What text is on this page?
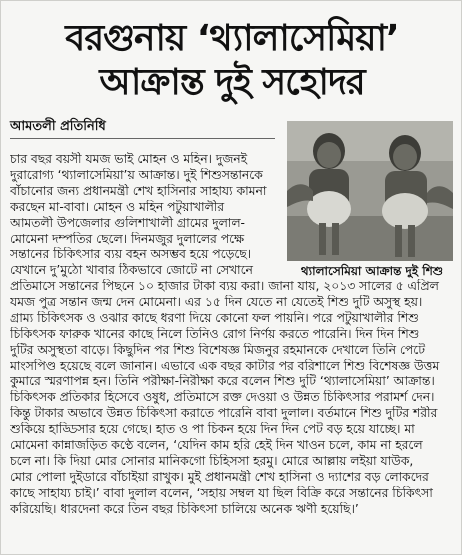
বরগুনায় ‘থ্যালাসেমিয়া’
আক্রান্ত দুই সহোদর
আমতলী প্রতিনিধি
থ্যালাসেমিয়া আক্রান্ত দুই শিশু
চার বছর বয়সী যমজ ভাই মোহন ও মহিন। দুজনই
দুরারোগ্য ‘থ্যালাসেমিয়া’য় আক্রান্ত। দুই শিশুসন্তানকে
বাঁচানোর জন্য প্রধানমন্ত্রী শেখ হাসিনার সাহায্য কামনা
করছেন মা-বাবা। মোহন ও মহিন পটুয়াখালীর
আমতলী উপজেলার গুলিশাখালী গ্রামের দুলাল-
মোমেনা দম্পতির ছেলে। দিনমজুর দুলালের পক্ষে
সন্তানের চিকিৎসার ব্যয় বহন অসম্ভব হয়ে পড়েছে।
যেখানে দু’মুঠো খাবার ঠিকভাবে জোটে না সেখানে
প্রতিমাসে সন্তানের পিছনে ১০ হাজার টাকা ব্যয় করা। জানা যায়, ২০১৩ সালের ৫ এপ্রিল
যমজ পুত্র সন্তান জন্ম দেন মোমেনা। এর ১৫ দিন যেতে না যেতেই শিশু দুটি অসুস্থ হয়।
গ্রাম্য চিকিৎসক ও ওঝার কাছে ধরণা দিয়ে কোনো ফল পায়নি। পরে পটুয়াখালীর শিশু
চিকিৎসক ফারুক খানের কাছে নিলে তিনিও রোগ নির্ণয় করতে পারেনি। দিন দিন শিশু
দুটির অসুস্থতা বাড়ে। কিছুদিন পর শিশু বিশেষজ্ঞ মিজনুর রহমানকে দেখালে তিনি পেটে
মাংসপিণ্ড হয়েছে বলে জানান। এভাবে এক বছর কাটার পর বরিশালে শিশু বিশেষজ্ঞ উত্তম
কুমারে স্মরণাপন্ন হন। তিনি পরীক্ষা-নিরীক্ষা করে বলেন শিশু দুটি ‘থ্যালাসেমিয়া’ আক্রান্ত।
চিকিৎসক প্রতিকার হিসেবে ওষুধ, প্রতিমাসে রক্ত দেওয়া ও উন্নত চিকিৎসার পরামর্শ দেন।
কিন্তু টাকার অভাবে উন্নত চিকিৎসা করাতে পারেনি বাবা দুলাল। বর্তমানে শিশু দুটির শরীর
শুকিয়ে হাড্ডিসার হয়ে গেছে। হাত ও পা চিকন হয়ে দিন দিন পেট বড় হয়ে যাচ্ছে। মা
মোমেনা কান্নাজড়িত কণ্ঠে বলেন, ‘যেদিন কাম হরি হেই দিন খাওন চলে, কাম না হরলে
চলে না। কি দিয়া মোর সোনার মানিকগো চিহিসসা হরমু। মোরে আল্লায় লইয়া যাউক,
মোর পোলা দুইডারে বাঁচাইয়া রাখুক। মুই প্রধানমন্ত্রী শেখ হাসিনা ও দ্যাশের বড় লোকদের
কাছে সাহায্য চাই।’ বাবা দুলাল বলেন, ‘সহায় সম্বল যা ছিল বিক্রি করে সন্তানের চিকিৎসা
করিয়েছি। ধারদেনা করে তিন বছর চিকিৎসা চালিয়ে অনেক ঋণী হয়েছি।’
